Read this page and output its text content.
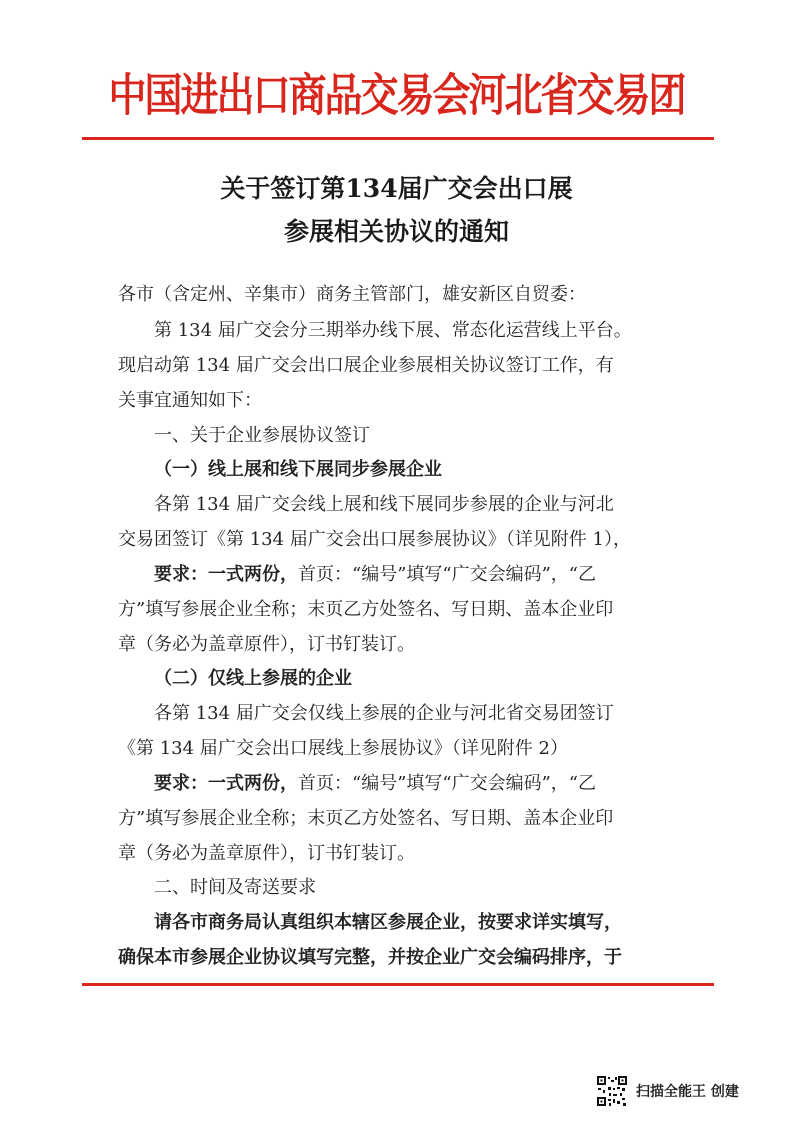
中国进出口商品交易会河北省交易团
关于签订第134届广交会出口展
参展相关协议的通知
各市（含定州、辛集市）商务主管部门，雄安新区自贸委：
第 134 届广交会分三期举办线下展、常态化运营线上平台。
现启动第 134 届广交会出口展企业参展相关协议签订工作，有
关事宜通知如下：
一、关于企业参展协议签订
（一）线上展和线下展同步参展企业
各第 134 届广交会线上展和线下展同步参展的企业与河北
交易团签订《第 134 届广交会出口展参展协议》（详见附件 1），
要求：一式两份，首页：“编号”填写“广交会编码”，“乙
方”填写参展企业全称；末页乙方处签名、写日期、盖本企业印
章（务必为盖章原件），订书钉装订。
（二）仅线上参展的企业
各第 134 届广交会仅线上参展的企业与河北省交易团签订
《第 134 届广交会出口展线上参展协议》（详见附件 2）
要求：一式两份，首页：“编号”填写“广交会编码”，“乙
方”填写参展企业全称；末页乙方处签名、写日期、盖本企业印
章（务必为盖章原件），订书钉装订。
二、时间及寄送要求
请各市商务局认真组织本辖区参展企业，按要求详实填写，
确保本市参展企业协议填写完整，并按企业广交会编码排序，于
扫描全能王 创建
